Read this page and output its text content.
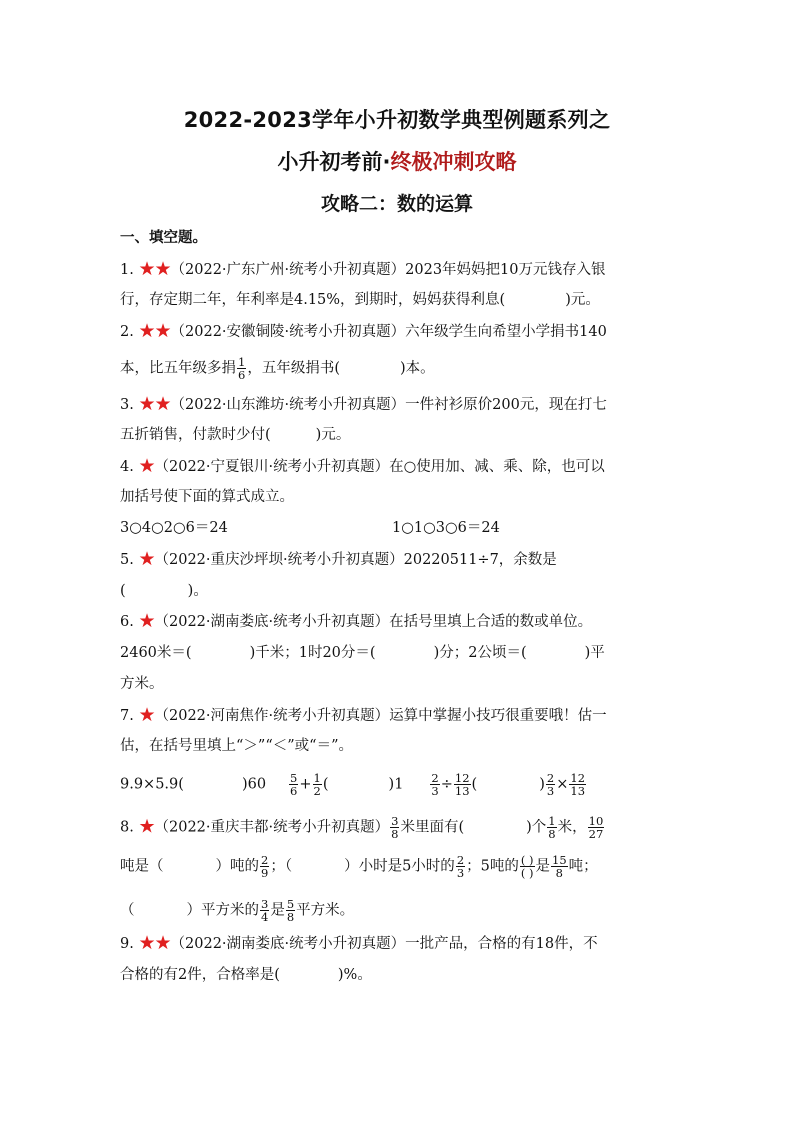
2022-2023学年小升初数学典型例题系列之
小升初考前·终极冲刺攻略
攻略二：数的运算
一、填空题。
1. ★★（2022·广东广州·统考小升初真题）2023年妈妈把10万元钱存入银
行，存定期二年，年利率是4.15%，到期时，妈妈获得利息(	)元。
2. ★★（2022·安徽铜陵·统考小升初真题）六年级学生向希望小学捐书140
本，比五年级多捐 $\frac{1}{6}$ ，五年级捐书(	)本。
3. ★★（2022·山东潍坊·统考小升初真题）一件衬衫原价200元，现在打七
五折销售，付款时少付(	)元。
4. ★（2022·宁夏银川·统考小升初真题）在○使用加、减、乘、除，也可以
加括号使下面的算式成立。
3○4○2○6＝24	1○1○3○6＝24
5. ★（2022·重庆沙坪坝·统考小升初真题）20220511÷7，余数是
(	)。
6. ★（2022·湖南娄底·统考小升初真题）在括号里填上合适的数或单位。
2460米＝(	)千米；1时20分＝(	)分；2公顷＝(	)平
方米。
7. ★（2022·河南焦作·统考小升初真题）运算中掌握小技巧很重要哦！估一
估，在括号里填上“＞”“＜”或“＝”。
9.9×5.9(	)$60 \frac{5}{6} + \frac{1}{2}$ (	)$1 \frac{2}{3} \div \frac{12}{13}$ (	) $\frac{2}{3} \times \frac{12}{13}$
8. ★（2022·重庆丰都·统考小升初真题） $\frac{3}{8}$ 米里面有(	)个 $\frac{1}{8}$ 米， $\frac{10}{27}$
吨是（	）吨的 $\frac{2}{9}$ ；（	）小时是5小时的 $\frac{2}{3}$ ；5吨的 $\frac{( )}{( )}$ 是 $\frac{15}{8}$ 吨；
（	）平方米的 $\frac{3}{4}$ 是 $\frac{5}{8}$ 平方米。
9. ★★（2022·湖南娄底·统考小升初真题）一批产品，合格的有18件，不
合格的有2件，合格率是(	)%。
